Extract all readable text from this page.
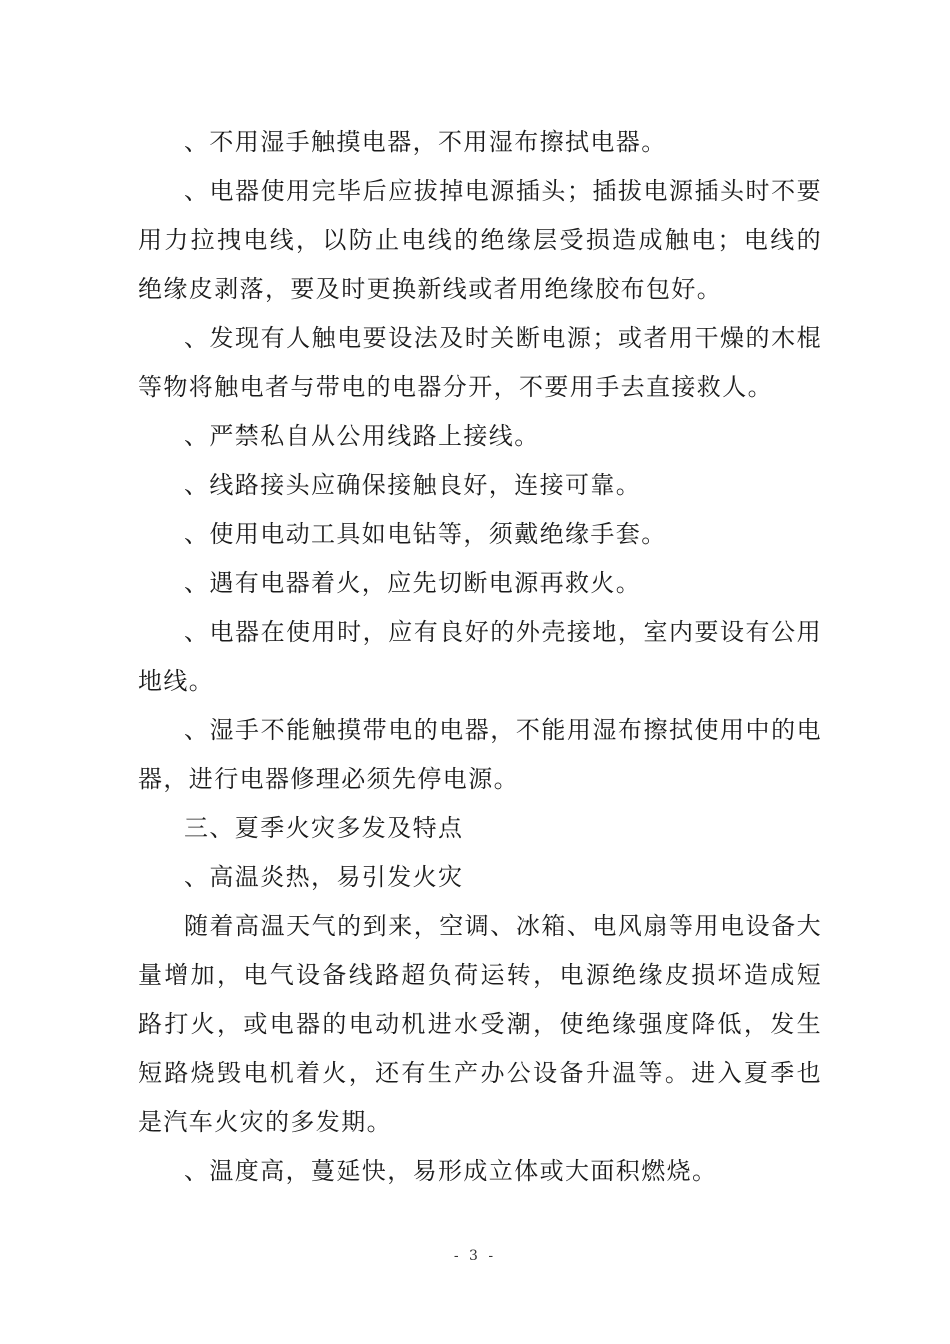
、不用湿手触摸电器，不用湿布擦拭电器。

、电器使用完毕后应拔掉电源插头；插拔电源插头时不要用力拉拽电线，以防止电线的绝缘层受损造成触电；电线的绝缘皮剥落，要及时更换新线或者用绝缘胶布包好。

、发现有人触电要设法及时关断电源；或者用干燥的木棍等物将触电者与带电的电器分开，不要用手去直接救人。

、严禁私自从公用线路上接线。

、线路接头应确保接触良好，连接可靠。

、使用电动工具如电钻等，须戴绝缘手套。

、遇有电器着火，应先切断电源再救火。

、电器在使用时，应有良好的外壳接地，室内要设有公用地线。

、湿手不能触摸带电的电器，不能用湿布擦拭使用中的电器，进行电器修理必须先停电源。

三、夏季火灾多发及特点

、高温炎热，易引发火灾

随着高温天气的到来，空调、冰箱、电风扇等用电设备大量增加，电气设备线路超负荷运转，电源绝缘皮损坏造成短路打火，或电器的电动机进水受潮，使绝缘强度降低，发生短路烧毁电机着火，还有生产办公设备升温等。进入夏季也是汽车火灾的多发期。

、温度高，蔓延快，易形成立体或大面积燃烧。

- 3 -
